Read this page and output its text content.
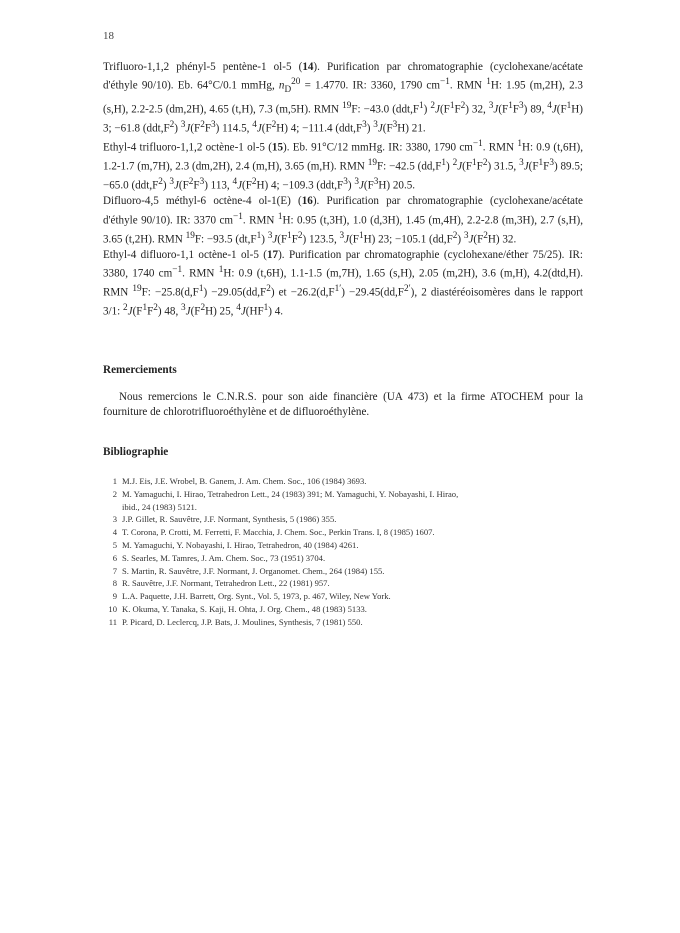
18

Trifluoro-1,1,2 phényl-5 pentène-1 ol-5 (14). Purification par chromatographie (cyclohexane/acétate d'éthyle 90/10). Eb. 64°C/0.1 mmHg, $n_D^{20} = 1.4770$. IR: 3360, 1790 $cm^{-1}$. RMN $^1$H: 1.95 (m,2H), 2.3 (s,H), 2.2-2.5 (dm,2H), 4.65 (t,H), 7.3 (m,5H). RMN $^{19}$F: −43.0 $(ddt,F^1)$ $^2J(F^1F^2)$ 32, $^3J(F^1F^3)$ 89, $^4J(F^1H)$ 3; −61.8 $(ddt,F^2)$ $^3J(F^2F^3)$ 114.5, $^4J(F^2H)$ 4; −111.4 $(ddt,F^3)$ $^3J(F^3H)$ 21.

Ethyl-4 trifluoro-1,1,2 octène-1 ol-5 (15). Eb. 91°C/12 mmHg. IR: 3380, 1790 $cm^{-1}$. RMN $^1$H: 0.9 (t,6H), 1.2-1.7 (m,7H), 2.3 (dm,2H), 2.4 (m,H), 3.65 (m,H). RMN $^{19}$F: −42.5 $(dd,F^1)$ $^2J(F^1F^2)$ 31.5, $^3J(F^1F^3)$ 89.5; −65.0 $(ddt,F^2)$ $^3J(F^2F^3)$ 113, $^4J(F^2H)$ 4; −109.3 $(ddt,F^3)$ $^3J(F^3H)$ 20.5.

Difluoro-4,5 méthyl-6 octène-4 ol-1(E) (16). Purification par chromatographie (cyclohexane/acétate d'éthyle 90/10). IR: 3370 $cm^{-1}$. RMN $^1$H: 0.95 (t,3H), 1.0 (d,3H), 1.45 (m,4H), 2.2-2.8 (m,3H), 2.7 (s,H), 3.65 (t,2H). RMN $^{19}$F: −93.5 $(dt,F^1)$ $^3J(F^1F^2)$ 123.5, $^3J(F^1H)$ 23; −105.1 $(dd,F^2)$ $^3J(F^2H)$ 32.

Ethyl-4 difluoro-1,1 octène-1 ol-5 (17). Purification par chromatographie (cyclohexane/éther 75/25). IR: 3380, 1740 $cm^{-1}$. RMN $^1$H: 0.9 (t,6H), 1.1-1.5 (m,7H), 1.65 (s,H), 2.05 (m,2H), 3.6 (m,H), 4.2(dtd,H). RMN $^{19}$F: $-25.8(d,F^1) -29.05(dd,F^2)$ et $-26.2(d,F^{1'}) -29.45(dd,F^{2'})$, 2 diastéréoisomères dans le rapport 3/1: $^2J(F^1F^2)$ 48, $^3J(F^2H)$ 25, $^4J(HF^1)$ 4.

Remerciements

Nous remercions le C.N.R.S. pour son aide financière (UA 473) et la firme ATOCHEM pour la fourniture de chlorotrifluoroéthylène et de difluoroéthylène.

Bibliographie
1 M.J. Eis, J.E. Wrobel, B. Ganem, J. Am. Chem. Soc., 106 (1984) 3693.
2 M. Yamaguchi, I. Hirao, Tetrahedron Lett., 24 (1983) 391; M. Yamaguchi, Y. Nobayashi, I. Hirao,
ibid., 24 (1983) 5121.
3 J.P. Gillet, R. Sauvêtre, J.F. Normant, Synthesis, 5 (1986) 355.
4 T. Corona, P. Crotti, M. Ferretti, F. Macchia, J. Chem. Soc., Perkin Trans. I, 8 (1985) 1607.
5 M. Yamaguchi, Y. Nobayashi, I. Hirao, Tetrahedron, 40 (1984) 4261.
6 S. Searles, M. Tamres, J. Am. Chem. Soc., 73 (1951) 3704.
7 S. Martin, R. Sauvêtre, J.F. Normant, J. Organomet. Chem., 264 (1984) 155.
8 R. Sauvêtre, J.F. Normant, Tetrahedron Lett., 22 (1981) 957.
9 L.A. Paquette, J.H. Barrett, Org. Synt., Vol. 5, 1973, p. 467, Wiley, New York.
10 K. Okuma, Y. Tanaka, S. Kaji, H. Ohta, J. Org. Chem., 48 (1983) 5133.
11 P. Picard, D. Leclercq, J.P. Bats, J. Moulines, Synthesis, 7 (1981) 550.
